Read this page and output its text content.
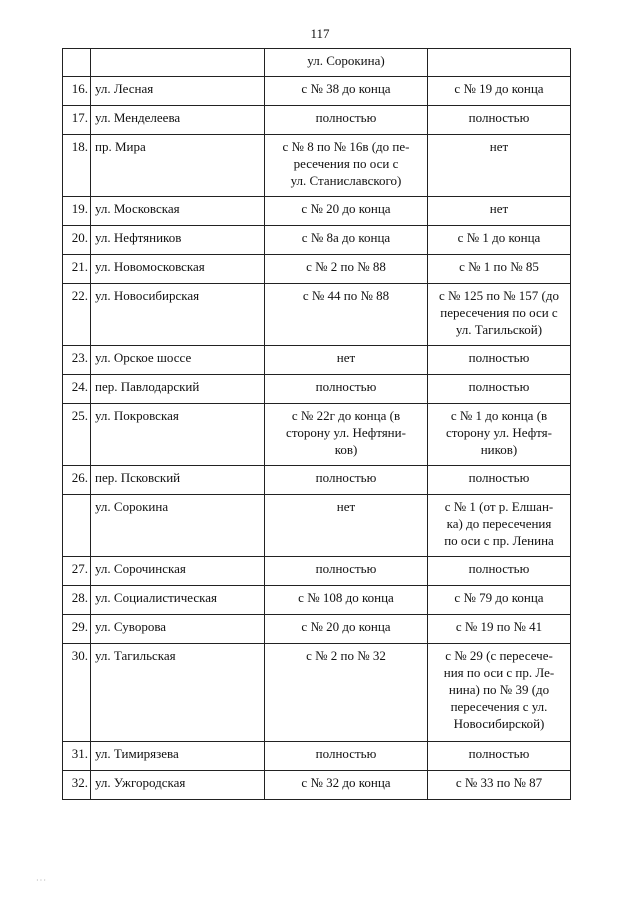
117
		ул. Сорокина)	
16.	ул. Лесная	с № 38 до конца	с № 19 до конца
17.	ул. Менделеева	полностью	полностью
18.	пр. Мира	с № 8 по № 16в (до пе-
ресечения по оси с
ул. Станиславского)	нет
19.	ул. Московская	с № 20 до конца	нет
20.	ул. Нефтяников	с № 8а до конца	с № 1 до конца
21.	ул. Новомосковская	с № 2 по № 88	с № 1 по № 85
22.	ул. Новосибирская	с № 44 по № 88	с № 125 по № 157 (до
пересечения по оси с
ул. Тагильской)
23.	ул. Орское шоссе	нет	полностью
24.	пер. Павлодарский	полностью	полностью
25.	ул. Покровская	с № 22г до конца (в
сторону ул. Нефтяни-
ков)	с № 1 до конца (в
сторону ул. Нефтя-
ников)
26.	пер. Псковский	полностью	полностью
	ул. Сорокина	нет	с № 1 (от р. Елшан-
ка) до пересечения
по оси с пр. Ленина
27.	ул. Сорочинская	полностью	полностью
28.	ул. Социалистическая	с № 108 до конца	с № 79 до конца
29.	ул. Суворова	с № 20 до конца	с № 19 по № 41
30.	ул. Тагильская	с № 2 по № 32	с № 29 (с пересече-
ния по оси с пр. Ле-
нина) по № 39 (до
пересечения с ул.
Новосибирской)
31.	ул. Тимирязева	полностью	полностью
32.	ул. Ужгородская	с № 32 до конца	с № 33 по № 87
···
